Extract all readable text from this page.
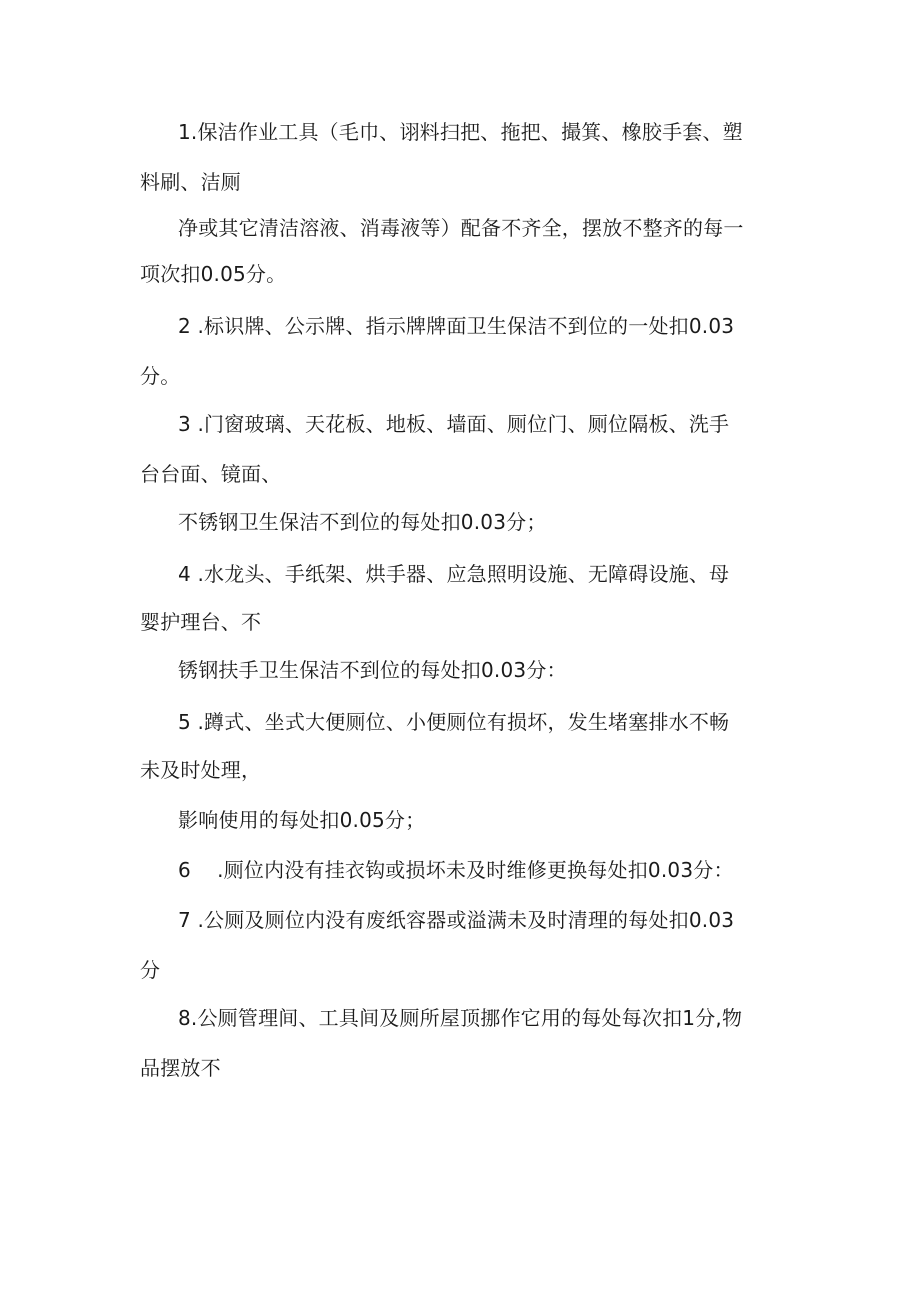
1.保洁作业工具（毛巾、诩料扫把、拖把、撮箕、橡胶手套、塑
料刷、洁厕
净或其它清洁溶液、消毒液等）配备不齐全，摆放不整齐的每一
项次扣0.05分。
2 .标识牌、公示牌、指示牌牌面卫生保洁不到位的一处扣0.03
分。
3 .门窗玻璃、天花板、地板、墙面、厕位门、厕位隔板、洗手
台台面、镜面、
不锈钢卫生保洁不到位的每处扣0.03分；
4 .水龙头、手纸架、烘手器、应急照明设施、无障碍设施、母
婴护理台、不
锈钢扶手卫生保洁不到位的每处扣0.03分：
5 .蹲式、坐式大便厕位、小便厕位有损坏，发生堵塞排水不畅
未及时处理，
影响使用的每处扣0.05分；
6    .厕位内没有挂衣钩或损坏未及时维修更换每处扣0.03分：
7 .公厕及厕位内没有废纸容器或溢满未及时清理的每处扣0.03
分
8.公厕管理间、工具间及厕所屋顶挪作它用的每处每次扣1分,物
品摆放不
